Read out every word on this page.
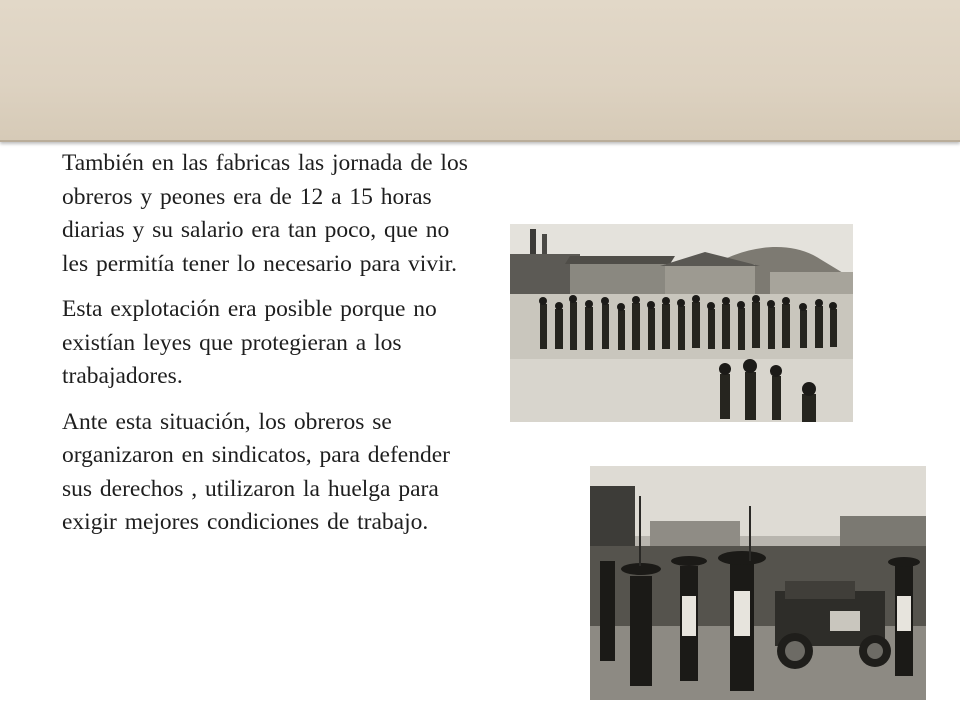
También en las fabricas las jornada de los obreros y peones era de 12 a 15 horas diarias y su salario era tan poco, que no les permitía tener lo necesario para vivir.

Esta explotación era posible porque no existían leyes que protegieran a los trabajadores.

Ante esta situación, los obreros se organizaron en sindicatos, para defender sus derechos , utilizaron la huelga para exigir mejores condiciones de trabajo.
